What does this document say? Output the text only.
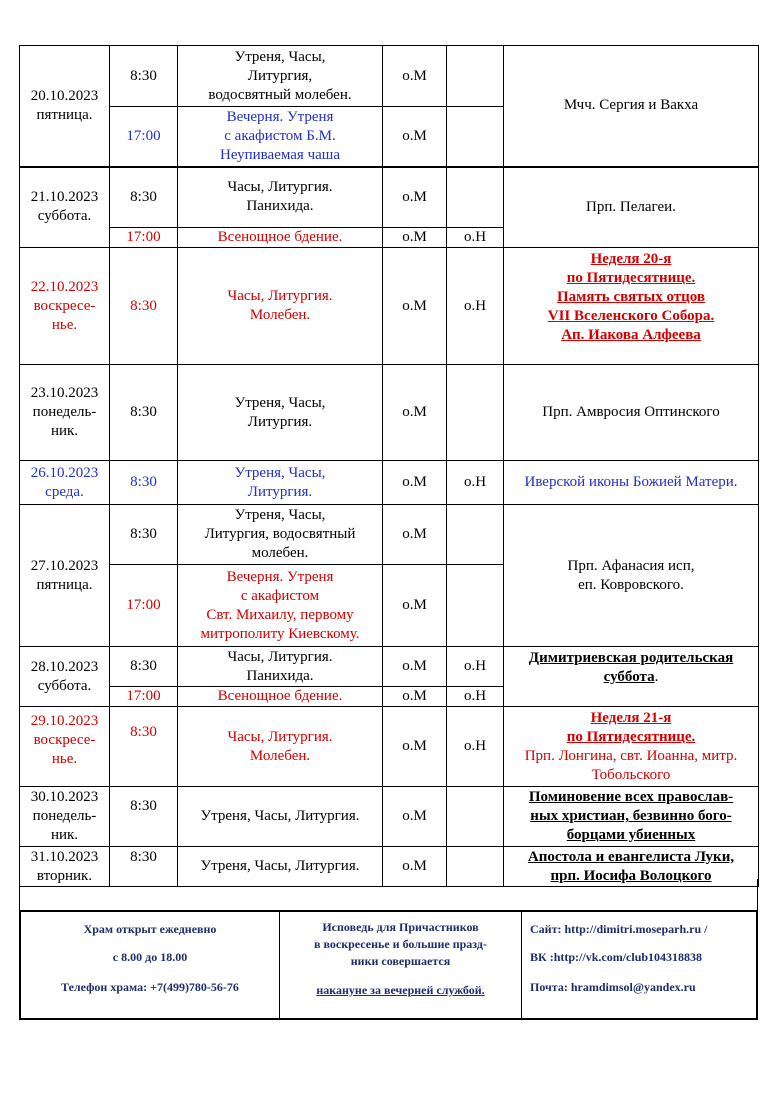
20.10.2023
пятница.	8:30	Утреня, Часы,
Литургия,
водосвятный молебен.	о.М		Мчч. Сергия и Вакха
	17:00	Вечерня. Утреня
с акафистом Б.М.
Неупиваемая чаша	о.М		

21.10.2023
суббота.	8:30	Часы, Литургия.
Панихида.	о.М		Прп. Пелагеи.
	17:00	Всенощное бдение.	о.М	о.Н	

22.10.2023
воскресе-
нье.	8:30	Часы, Литургия.
Молебен.	о.М	о.Н	Неделя 20-я
по Пятидесятнице.
Память святых отцов
VII Вселенского Собора.
Ап. Иакова Алфеева

23.10.2023
понедель-
ник.	8:30	Утреня, Часы,
Литургия.	о.М		Прп. Амвросия Оптинского

26.10.2023
среда.	8:30	Утреня, Часы,
Литургия.	о.М	о.Н	Иверской иконы Божией Матери.

27.10.2023
пятница.	8:30	Утреня, Часы,
Литургия, водосвятный
молебен.	о.М		Прп. Афанасия исп,
еп. Ковровского.

	17:00	Вечерня. Утреня
с акафистом
Свт. Михаилу, первому
митрополиту Киевскому.	о.М		

28.10.2023
суббота.	8:30	Часы, Литургия.
Панихида.	о.М	о.Н	Димитриевская родительская
суббота.

	17:00	Всенощное бдение.	о.М	о.Н	

29.10.2023
воскресе-
нье.	8:30	Часы, Литургия.
Молебен.	о.М	о.Н	Неделя 21-я
по Пятидесятнице.
Прп. Лонгина, свт. Иоанна, митр.
Тобольского

30.10.2023
понедель-
ник.	8:30	Утреня, Часы, Литургия.	о.М		Поминовение всех православ-
ных христиан, безвинно бого-
борцами убиенных

31.10.2023
вторник.	8:30	Утреня, Часы, Литургия.	о.М		Апостола и евангелиста Луки,
прп. Иосифа Волоцкого
Храм открыт ежедневно
с 8.00 до 18.00
Телефон храма: +7(499)780-56-76
Исповедь для Причастников
в воскресенье и большие празд-
ники совершается
накануне за вечерней службой.
Сайт: http://dimitri.moseparh.ru /
ВК :http://vk.com/club104318838
Почта: hramdimsol@yandex.ru
